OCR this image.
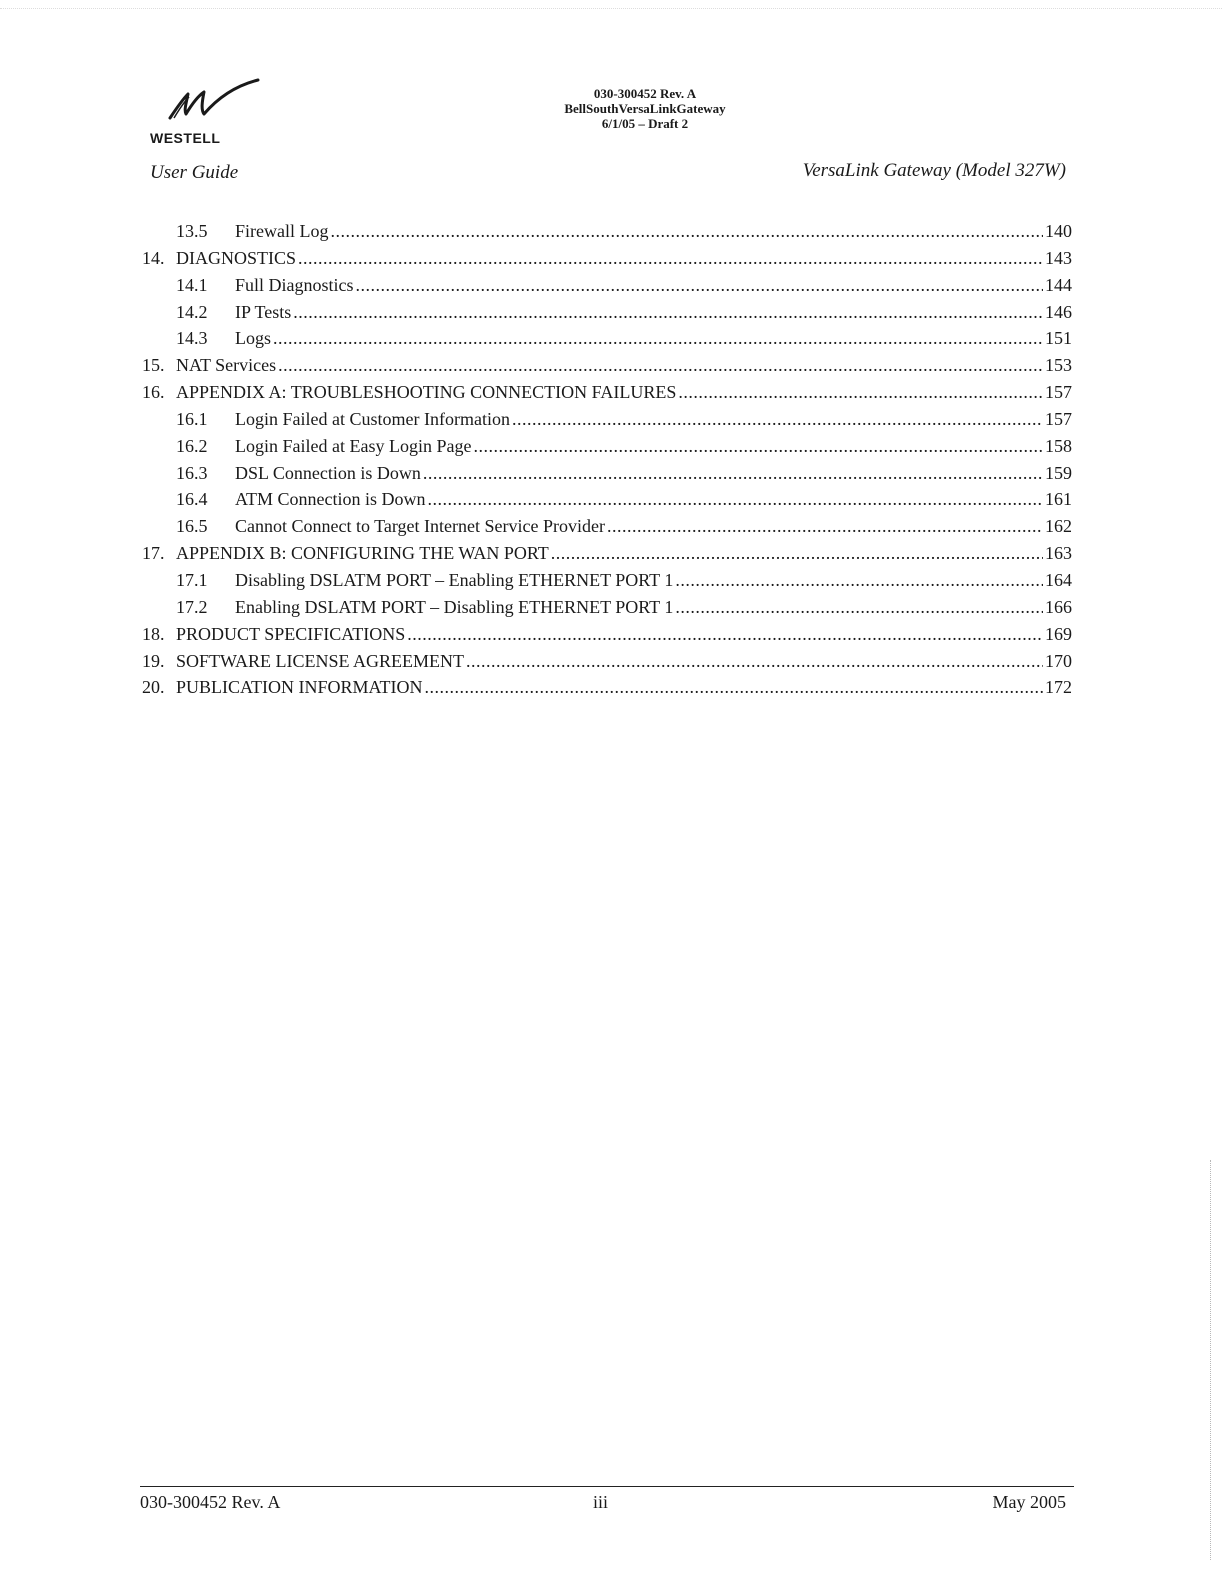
WESTELL
030-300452 Rev. A
BellSouthVersaLinkGateway
6/1/05 – Draft 2
User Guide	VersaLink Gateway (Model 327W)
13.5	Firewall Log .....	140
14. DIAGNOSTICS .....	143
14.1	Full Diagnostics .....	144
14.2	IP Tests .....	146
14.3	Logs .....	151
15. NAT Services .....	153
16. APPENDIX A: TROUBLESHOOTING CONNECTION FAILURES .....	157
16.1	Login Failed at Customer Information .....	157
16.2	Login Failed at Easy Login Page .....	158
16.3	DSL Connection is Down .....	159
16.4	ATM Connection is Down .....	161
16.5	Cannot Connect to Target Internet Service Provider .....	162
17. APPENDIX B: CONFIGURING THE WAN PORT .....	163
17.1	Disabling DSLATM PORT – Enabling ETHERNET PORT 1 .....	164
17.2	Enabling DSLATM PORT – Disabling ETHERNET PORT 1 .....	166
18. PRODUCT SPECIFICATIONS .....	169
19. SOFTWARE LICENSE AGREEMENT .....	170
20. PUBLICATION INFORMATION .....	172
030-300452 Rev. A	iii	May 2005
